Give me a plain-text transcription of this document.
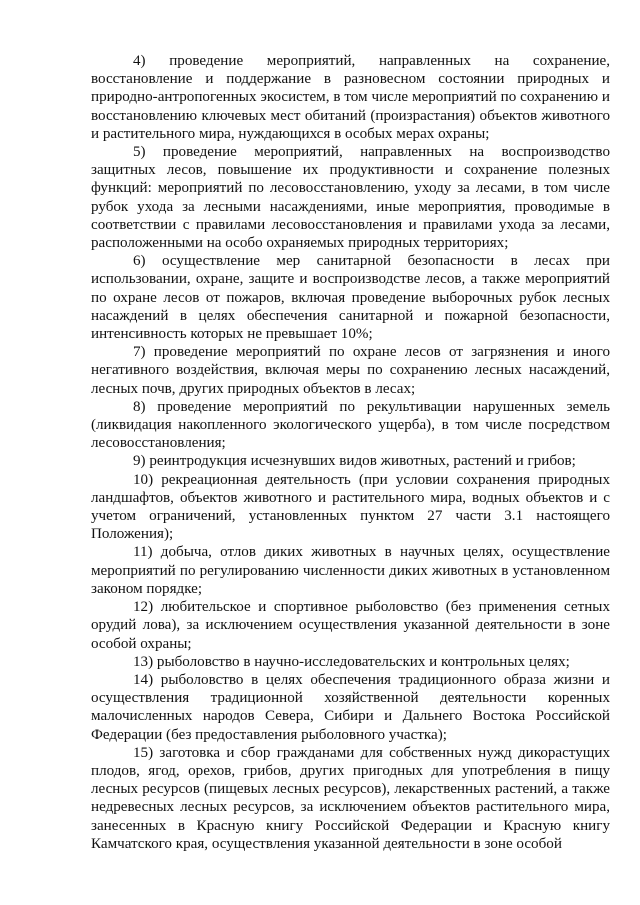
4) проведение мероприятий, направленных на сохранение, восстановление и поддержание в разновесном состоянии природных и природно-антропогенных экосистем, в том числе мероприятий по сохранению и восстановлению ключевых мест обитаний (произрастания) объектов животного и растительного мира, нуждающихся в особых мерах охраны;

5) проведение мероприятий, направленных на воспроизводство защитных лесов, повышение их продуктивности и сохранение полезных функций: мероприятий по лесовосстановлению, уходу за лесами, в том числе рубок ухода за лесными насаждениями, иные мероприятия, проводимые в соответствии с правилами лесовосстановления и правилами ухода за лесами, расположенными на особо охраняемых природных территориях;

6) осуществление мер санитарной безопасности в лесах при использовании, охране, защите и воспроизводстве лесов, а также мероприятий по охране лесов от пожаров, включая проведение выборочных рубок лесных насаждений в целях обеспечения санитарной и пожарной безопасности, интенсивность которых не превышает 10%;

7) проведение мероприятий по охране лесов от загрязнения и иного негативного воздействия, включая меры по сохранению лесных насаждений, лесных почв, других природных объектов в лесах;

8) проведение мероприятий по рекультивации нарушенных земель (ликвидация накопленного экологического ущерба), в том числе посредством лесовосстановления;

9) реинтродукция исчезнувших видов животных, растений и грибов;

10) рекреационная деятельность (при условии сохранения природных ландшафтов, объектов животного и растительного мира, водных объектов и с учетом ограничений, установленных пунктом 27 части 3.1 настоящего Положения);

11) добыча, отлов диких животных в научных целях, осуществление мероприятий по регулированию численности диких животных в установленном законом порядке;

12) любительское и спортивное рыболовство (без применения сетных орудий лова), за исключением осуществления указанной деятельности в зоне особой охраны;

13) рыболовство в научно-исследовательских и контрольных целях;

14) рыболовство в целях обеспечения традиционного образа жизни и осуществления традиционной хозяйственной деятельности коренных малочисленных народов Севера, Сибири и Дальнего Востока Российской Федерации (без предоставления рыболовного участка);

15) заготовка и сбор гражданами для собственных нужд дикорастущих плодов, ягод, орехов, грибов, других пригодных для употребления в пищу лесных ресурсов (пищевых лесных ресурсов), лекарственных растений, а также недревесных лесных ресурсов, за исключением объектов растительного мира, занесенных в Красную книгу Российской Федерации и Красную книгу Камчатского края, осуществления указанной деятельности в зоне особой
